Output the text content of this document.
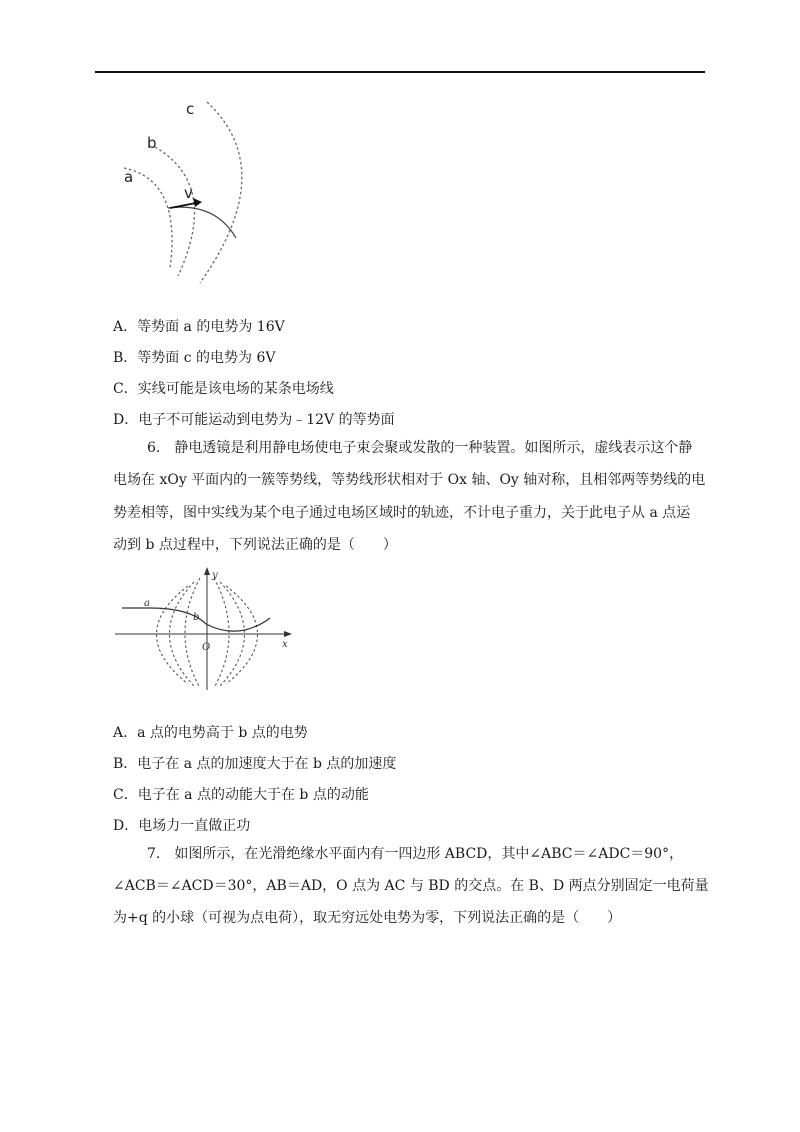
a
b
c
v
A．等势面 a 的电势为 16V
B．等势面 c 的电势为 6V
C．实线可能是该电场的某条电场线
D．电子不可能运动到电势为﹣12V 的等势面
6.　静电透镜是利用静电场使电子束会聚或发散的一种装置。如图所示，虚线表示这个静
电场在 xOy 平面内的一簇等势线，等势线形状相对于 Ox 轴、Oy 轴对称，且相邻两等势线的电
势差相等，图中实线为某个电子通过电场区域时的轨迹，不计电子重力，关于此电子从 a 点运
动到 b 点过程中，下列说法正确的是（　　）
y
x
O
a
b
A．a 点的电势高于 b 点的电势
B．电子在 a 点的加速度大于在 b 点的加速度
C．电子在 a 点的动能大于在 b 点的动能
D．电场力一直做正功
7.　如图所示，在光滑绝缘水平面内有一四边形 ABCD，其中∠ABC＝∠ADC＝90°，
∠ACB＝∠ACD＝30°，AB＝AD，O 点为 AC 与 BD 的交点。在 B、D 两点分别固定一电荷量
为+q 的小球（可视为点电荷），取无穷远处电势为零，下列说法正确的是（　　）
